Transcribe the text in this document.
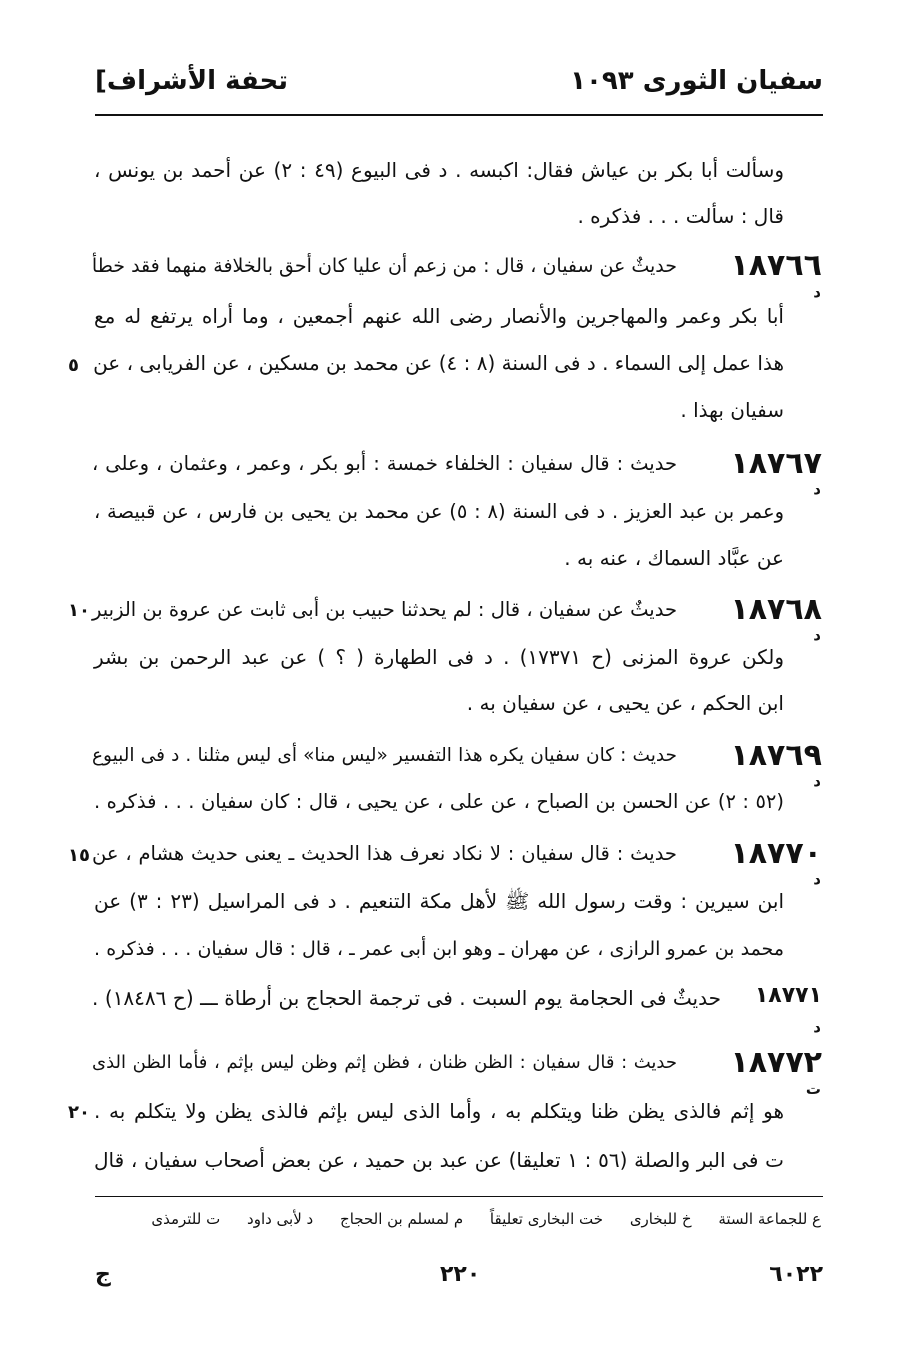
سفيان الثورى ١٠٩٣
[تحفة الأشراف
وسألت أبا بكر بن عياش فقال: اكبسه . د فى البيوع (٤٩ : ٢) عن أحمد بن يونس ،
قال : سألت . . . فذكره .
١٨٧٦٦
د
حديثٌ عن سفيان ، قال : من زعم أن عليا كان أحق بالخلافة منهما فقد خطأ
أبا بكر وعمر والمهاجرين والأنصار رضى الله عنهم أجمعين ، وما أراه يرتفع له مع
هذا عمل إلى السماء . د فى السنة (٨ : ٤) عن محمد بن مسكين ، عن الفريابى ، عن
٥
سفيان بهذا .
١٨٧٦٧
د
حديث : قال سفيان : الخلفاء خمسة : أبو بكر ، وعمر ، وعثمان ، وعلى ،
وعمر بن عبد العزيز . د فى السنة (٨ : ٥) عن محمد بن يحيى بن فارس ، عن قبيصة ،
عن عبَّاد السماك ، عنه به .
١٨٧٦٨
د
حديثٌ عن سفيان ، قال : لم يحدثنا حبيب بن أبى ثابت عن عروة بن الزبير
١٠
ولكن عروة المزنى (ح ١٧٣٧١) . د فى الطهارة ( ؟ ) عن عبد الرحمن بن بشر
ابن الحكم ، عن يحيى ، عن سفيان به .
١٨٧٦٩
د
حديث : كان سفيان يكره هذا التفسير «ليس منا» أى ليس مثلنا . د فى البيوع
(٥٢ : ٢) عن الحسن بن الصباح ، عن على ، عن يحيى ، قال : كان سفيان . . . فذكره .
١٨٧٧٠
د
حديث : قال سفيان : لا نكاد نعرف هذا الحديث ـ يعنى حديث هشام ، عن
١٥
ابن سيرين : وقت رسول الله ﷺ لأهل مكة التنعيم . د فى المراسيل (٢٣ : ٣) عن
محمد بن عمرو الرازى ، عن مهران ـ وهو ابن أبى عمر ـ ، قال : قال سفيان . . . فذكره .
١٨٧٧١
د
حديثٌ فى الحجامة يوم السبت . فى ترجمة الحجاج بن أرطاة ـــ (ح ١٨٤٨٦) .
١٨٧٧٢
ت
حديث : قال سفيان : الظن ظنان ، فظن إثم وظن ليس بإثم ، فأما الظن الذى
هو إثم فالذى يظن ظنا ويتكلم به ، وأما الذى ليس بإثم فالذى يظن ولا يتكلم به .
٢٠
ت فى البر والصلة (٥٦ : ١ تعليقا) عن عبد بن حميد ، عن بعض أصحاب سفيان ، قال
ع للجماعة الستة خ للبخارى خت البخارى تعليقاً م لمسلم بن الحجاج د لأبى داود ت للترمذى
٦٠٢٢
٢٢٠
ج
